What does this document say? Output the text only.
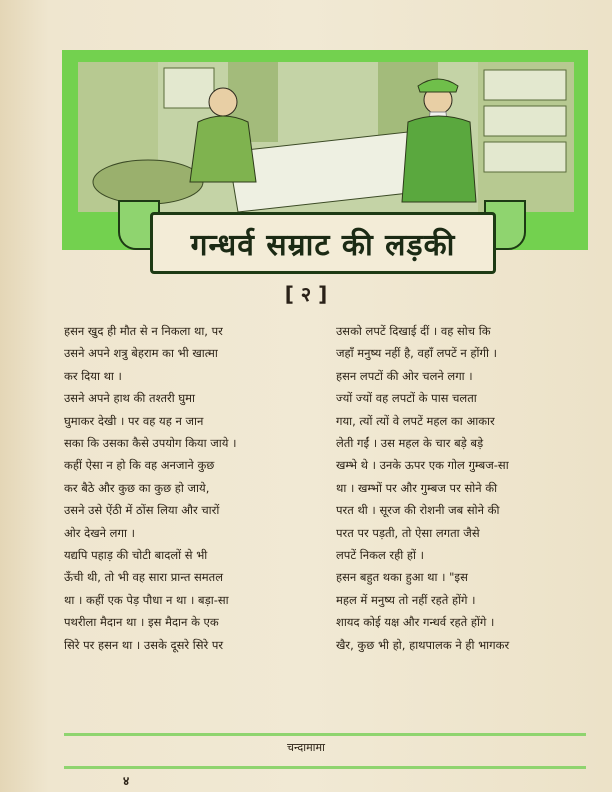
गन्धर्व सम्राट की लड़की
[ २ ]
हसन खुद ही मौत से न निकला था, पर
उसने अपने शत्रु बेहराम का भी खात्मा
कर दिया था ।
उसने अपने हाथ की तश्तरी घुमा
घुमाकर देखी । पर वह यह न जान
सका कि उसका कैसे उपयोग किया जाये ।
कहीं ऐसा न हो कि वह अनजाने कुछ
कर बैठे और कुछ का कुछ हो जाये,
उसने उसे ऐंठी में ठोंस लिया और चारों
ओर देखने लगा ।
यद्यपि पहाड़ की चोटी बादलों से भी
ऊँची थी, तो भी वह सारा प्रान्त समतल
था । कहीं एक पेड़ पौधा न था । बड़ा-सा
पथरीला मैदान था । इस मैदान के एक
सिरे पर हसन था । उसके दूसरे सिरे पर
उसको लपटें दिखाई दीं । वह सोच कि
जहाँ मनुष्य नहीं है, वहाँ लपटें न होंगी ।
हसन लपटों की ओर चलने लगा ।
ज्यों ज्यों वह लपटों के पास चलता
गया, त्यों त्यों वे लपटें महल का आकार
लेती गईं । उस महल के चार बड़े बड़े
खम्भे थे । उनके ऊपर एक गोल गुम्बज-सा
था । खम्भों पर और गुम्बज पर सोने की
परत थी । सूरज की रोशनी जब सोने की
परत पर पड़ती, तो ऐसा लगता जैसे
लपटें निकल रही हों ।
हसन बहुत थका हुआ था । "इस
महल में मनुष्य तो नहीं रहते होंगे ।
शायद कोई यक्ष और गन्धर्व रहते होंगे ।
खैर, कुछ भी हो, हाथपालक ने ही भागकर
चन्दामामा
४
